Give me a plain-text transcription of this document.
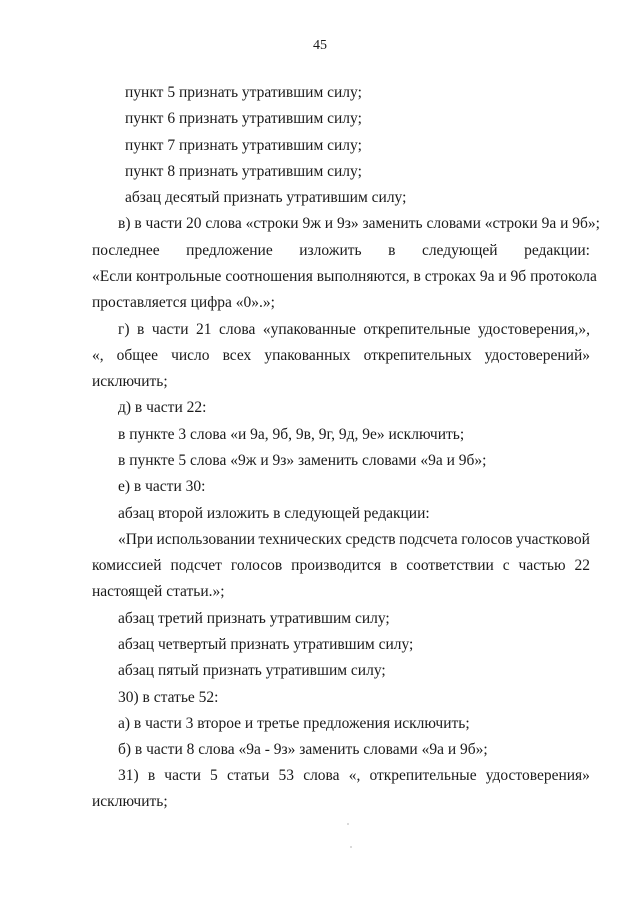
45
пункт 5 признать утратившим силу;
пункт 6 признать утратившим силу;
пункт 7 признать утратившим силу;
пункт 8 признать утратившим силу;
абзац десятый признать утратившим силу;
в) в части 20 слова «строки 9ж и 9з» заменить словами «строки 9а и 9б»;
последнее предложение изложить в следующей редакции:
«Если контрольные соотношения выполняются, в строках 9а и 9б протокола
проставляется цифра «0».»;
г) в части 21 слова «упакованные открепительные удостоверения,»,
«, общее число всех упакованных открепительных удостоверений»
исключить;
д) в части 22:
в пункте 3 слова «и 9а, 9б, 9в, 9г, 9д, 9е» исключить;
в пункте 5 слова «9ж и 9з» заменить словами «9а и 9б»;
е) в части 30:
абзац второй изложить в следующей редакции:
«При использовании технических средств подсчета голосов участковой
комиссией подсчет голосов производится в соответствии с частью 22
настоящей статьи.»;
абзац третий признать утратившим силу;
абзац четвертый признать утратившим силу;
абзац пятый признать утратившим силу;
30) в статье 52:
а) в части 3 второе и третье предложения исключить;
б) в части 8 слова «9а - 9з» заменить словами «9а и 9б»;
31) в части 5 статьи 53 слова «, открепительные удостоверения»
исключить;
